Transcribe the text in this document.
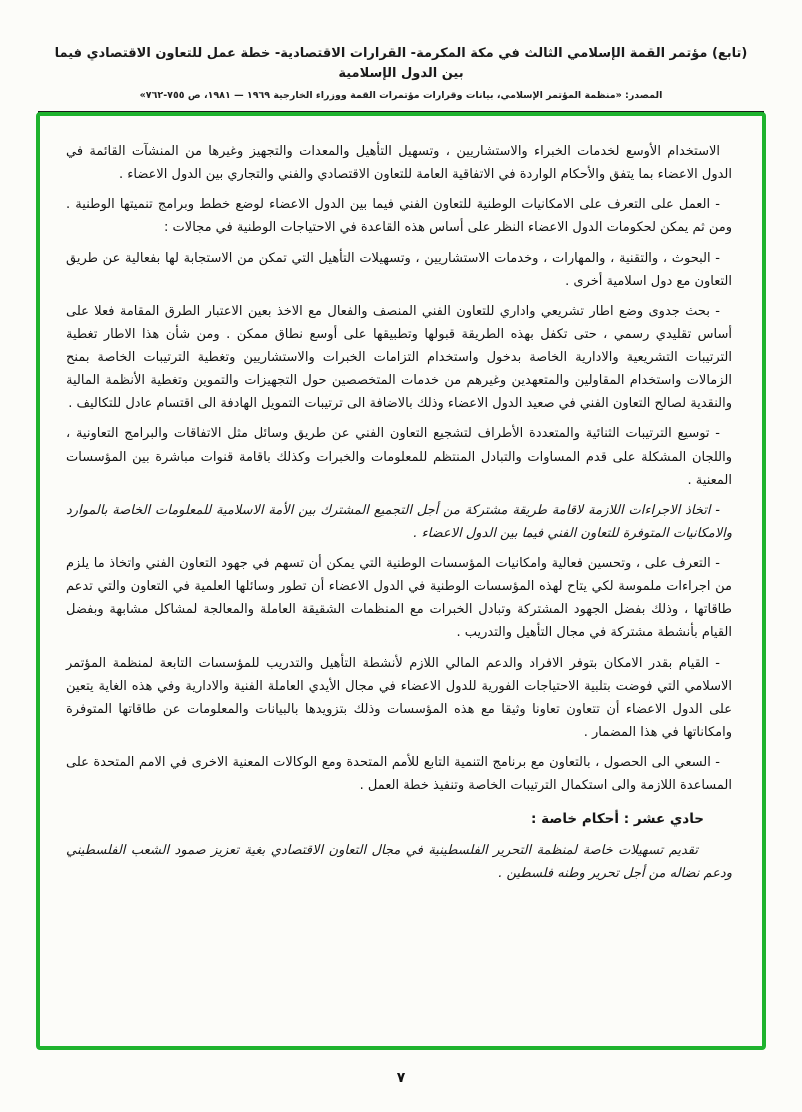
(تابع) مؤتمر القمة الإسلامي الثالث في مكة المكرمة- القرارات الاقتصادية- خطة عمل للتعاون الاقتصادي فيما بين الدول الإسلامية
المصدر: «منظمة المؤتمر الإسلامي، بيانات وقرارات مؤتمرات القمة ووزراء الخارجية ١٩٦٩ — ١٩٨١، ص ٧٥٥-٧٦٢»

الاستخدام الأوسع لخدمات الخبراء والاستشاريين ، وتسهيل التأهيل والمعدات والتجهيز وغيرها من المنشآت القائمة في الدول الاعضاء بما يتفق والأحكام الواردة في الاتفاقية العامة للتعاون الاقتصادي والفني والتجاري بين الدول الاعضاء .

- العمل على التعرف على الامكانيات الوطنية للتعاون الفني فيما بين الدول الاعضاء لوضع خطط وبرامج تنميتها الوطنية . ومن ثم يمكن لحكومات الدول الاعضاء النظر على أساس هذه القاعدة في الاحتياجات الوطنية في مجالات :

- البحوث ، والتقنية ، والمهارات ، وخدمات الاستشاريين ، وتسهيلات التأهيل التي تمكن من الاستجابة لها بفعالية عن طريق التعاون مع دول اسلامية أخرى .

- بحث جدوى وضع اطار تشريعي واداري للتعاون الفني المنصف والفعال مع الاخذ بعين الاعتبار الطرق المقامة فعلا على أساس تقليدي رسمي ، حتى تكفل بهذه الطريقة قبولها وتطبيقها على أوسع نطاق ممكن . ومن شأن هذا الاطار تغطية الترتيبات التشريعية والادارية الخاصة بدخول واستخدام التزامات الخبرات والاستشاريين وتغطية الترتيبات الخاصة بمنح الزمالات واستخدام المقاولين والمتعهدين وغيرهم من خدمات المتخصصين حول التجهيزات والتموين وتغطية الأنظمة المالية والنقدية لصالح التعاون الفني في صعيد الدول الاعضاء وذلك بالاضافة الى ترتيبات التمويل الهادفة الى اقتسام عادل للتكاليف .

- توسيع الترتيبات الثنائية والمتعددة الأطراف لتشجيع التعاون الفني عن طريق وسائل مثل الاتفاقات والبرامج التعاونية ، واللجان المشكلة على قدم المساوات والتبادل المنتظم للمعلومات والخبرات وكذلك باقامة قنوات مباشرة بين المؤسسات المعنية .

- اتخاذ الاجراءات اللازمة لاقامة طريقة مشتركة من أجل التجميع المشترك بين الأمة الاسلامية للمعلومات الخاصة بالموارد والامكانيات المتوفرة للتعاون الفني فيما بين الدول الاعضاء .

- التعرف على ، وتحسين فعالية وامكانيات المؤسسات الوطنية التي يمكن أن تسهم في جهود التعاون الفني واتخاذ ما يلزم من اجراءات ملموسة لكي يتاح لهذه المؤسسات الوطنية في الدول الاعضاء أن تطور وسائلها العلمية في التعاون والتي تدعم طاقاتها ، وذلك بفضل الجهود المشتركة وتبادل الخبرات مع المنظمات الشقيقة العاملة والمعالجة لمشاكل مشابهة وبفضل القيام بأنشطة مشتركة في مجال التأهيل والتدريب .

- القيام بقدر الامكان بتوفر الافراد والدعم المالي اللازم لأنشطة التأهيل والتدريب للمؤسسات التابعة لمنظمة المؤتمر الاسلامي التي فوضت بتلبية الاحتياجات الفورية للدول الاعضاء في مجال الأيدي العاملة الفنية والادارية وفي هذه الغاية يتعين على الدول الاعضاء أن تتعاون تعاونا وثيقا مع هذه المؤسسات وذلك بتزويدها بالبيانات والمعلومات عن طاقاتها المتوفرة وامكاناتها في هذا المضمار .

- السعي الى الحصول ، بالتعاون مع برنامج التنمية التابع للأمم المتحدة ومع الوكالات المعنية الاخرى في الامم المتحدة على المساعدة اللازمة والى استكمال الترتيبات الخاصة وتنفيذ خطة العمل .

حادي عشر : أحكام خاصة :

تقديم تسهيلات خاصة لمنظمة التحرير الفلسطينية في مجال التعاون الاقتصادي بغية تعزيز صمود الشعب الفلسطيني ودعم نضاله من أجل تحرير وطنه فلسطين .

٧
